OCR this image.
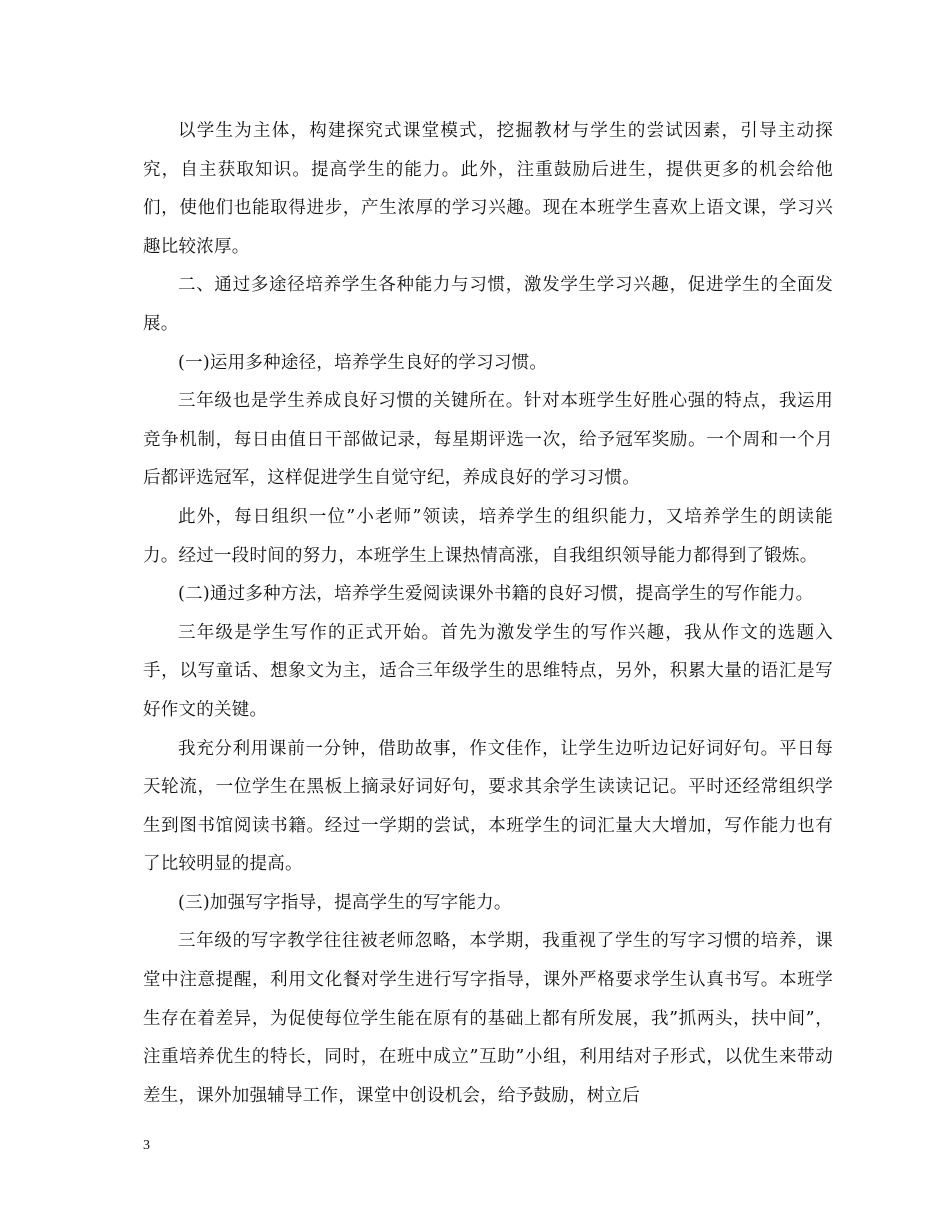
以学生为主体，构建探究式课堂模式，挖掘教材与学生的尝试因素，引导主动探究，自主获取知识。提高学生的能力。此外，注重鼓励后进生，提供更多的机会给他们，使他们也能取得进步，产生浓厚的学习兴趣。现在本班学生喜欢上语文课，学习兴趣比较浓厚。

二、通过多途径培养学生各种能力与习惯，激发学生学习兴趣，促进学生的全面发展。

(一)运用多种途径，培养学生良好的学习习惯。

三年级也是学生养成良好习惯的关键所在。针对本班学生好胜心强的特点，我运用竞争机制，每日由值日干部做记录，每星期评选一次，给予冠军奖励。一个周和一个月后都评选冠军，这样促进学生自觉守纪，养成良好的学习习惯。

此外，每日组织一位”小老师”领读，培养学生的组织能力，又培养学生的朗读能力。经过一段时间的努力，本班学生上课热情高涨，自我组织领导能力都得到了锻炼。

(二)通过多种方法，培养学生爱阅读课外书籍的良好习惯，提高学生的写作能力。

三年级是学生写作的正式开始。首先为激发学生的写作兴趣，我从作文的选题入手，以写童话、想象文为主，适合三年级学生的思维特点，另外，积累大量的语汇是写好作文的关键。

我充分利用课前一分钟，借助故事，作文佳作，让学生边听边记好词好句。平日每天轮流，一位学生在黑板上摘录好词好句，要求其余学生读读记记。平时还经常组织学生到图书馆阅读书籍。经过一学期的尝试，本班学生的词汇量大大增加，写作能力也有了比较明显的提高。

(三)加强写字指导，提高学生的写字能力。

三年级的写字教学往往被老师忽略，本学期，我重视了学生的写字习惯的培养，课堂中注意提醒，利用文化餐对学生进行写字指导，课外严格要求学生认真书写。本班学生存在着差异，为促使每位学生能在原有的基础上都有所发展，我”抓两头，扶中间”，注重培养优生的特长，同时，在班中成立”互助”小组，利用结对子形式，以优生来带动差生，课外加强辅导工作，课堂中创设机会，给予鼓励，树立后

3
